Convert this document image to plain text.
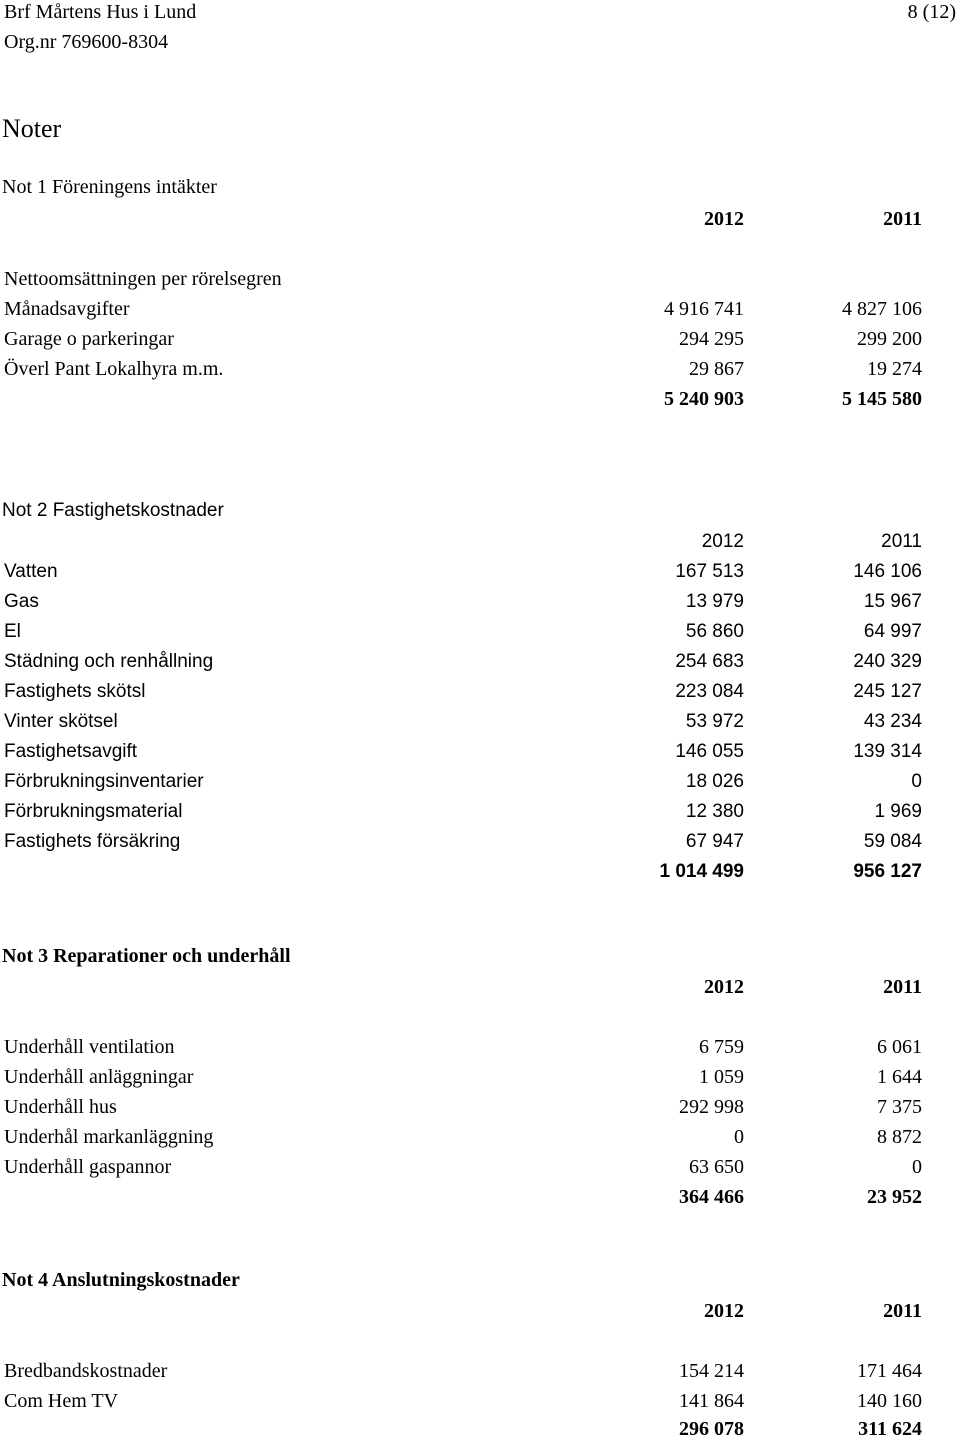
Brf Mårtens Hus i Lund	8 (12)
Org.nr 769600-8304
Noter
Not 1 Föreningens intäkter
2012	2011
Nettoomsättningen per rörelsegren
Månadsavgifter	4 916 741	4 827 106
Garage o parkeringar	294 295	299 200
Överl Pant Lokalhyra m.m.	29 867	19 274
5 240 903	5 145 580
Not 2 Fastighetskostnader
2012	2011
Vatten	167 513	146 106
Gas	13 979	15 967
El	56 860	64 997
Städning och renhållning	254 683	240 329
Fastighets skötsl	223 084	245 127
Vinter skötsel	53 972	43 234
Fastighetsavgift	146 055	139 314
Förbrukningsinventarier	18 026	0
Förbrukningsmaterial	12 380	1 969
Fastighets försäkring	67 947	59 084
1 014 499	956 127
Not 3 Reparationer och underhåll
2012	2011
Underhåll ventilation	6 759	6 061
Underhåll anläggningar	1 059	1 644
Underhåll hus	292 998	7 375
Underhål markanläggning	0	8 872
Underhåll gaspannor	63 650	0
364 466	23 952
Not 4 Anslutningskostnader
2012	2011
Bredbandskostnader	154 214	171 464
Com Hem TV	141 864	140 160
296 078	311 624
